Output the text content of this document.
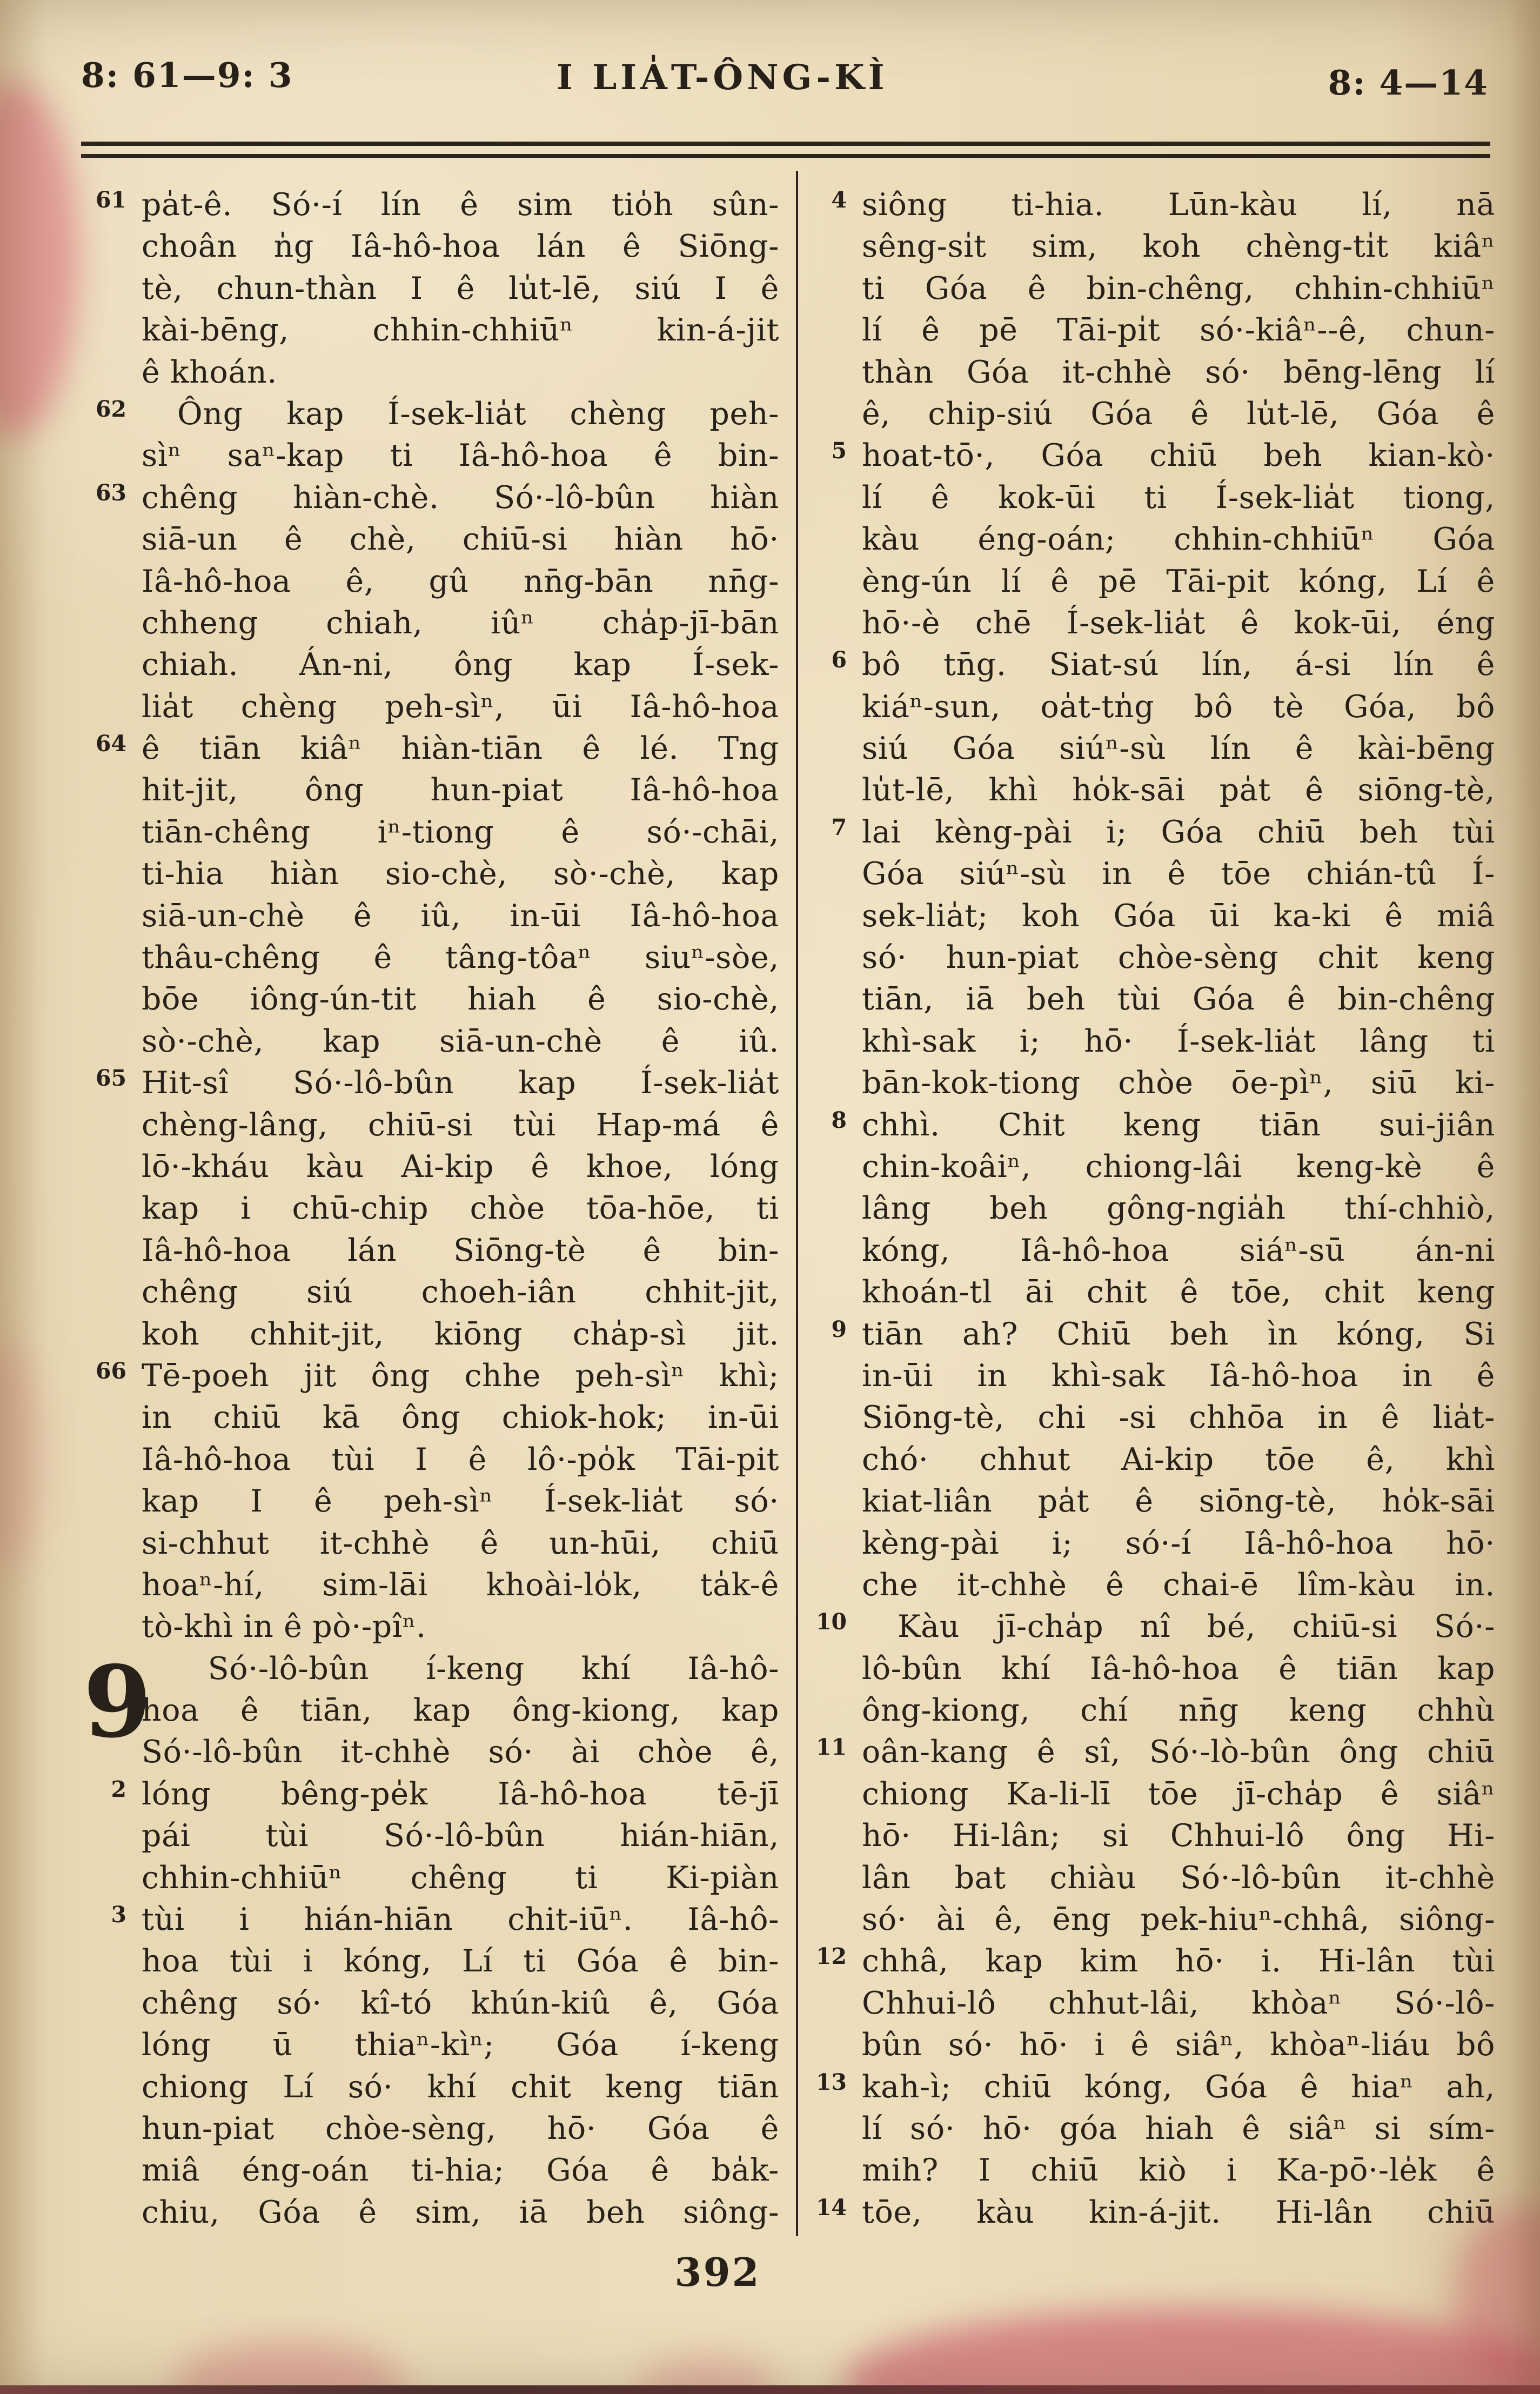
8: 61—9: 3	I LIA̍T-ÔNG-KÌ	8: 4—14
61 pa̍t-ê. Só·-í lín ê sim tio̍h sûn-
choân n̍g Iâ-hô-hoa lán ê Siōng-
tè, chun-thàn I ê lu̍t-lē, siú I ê
kài-bēng, chhin-chhiūⁿ kin-á-jit
ê khoán.
62	Ông kap Í-sek-lia̍t chèng peh-
sìⁿ saⁿ-kap ti Iâ-hô-hoa ê bin-
63 chêng hiàn-chè. Só·-lô-bûn hiàn
siā-un ê chè, chiū-si hiàn hō·
Iâ-hô-hoa ê, gû nn̄g-bān nn̄g-
chheng chiah, iûⁿ cha̍p-jī-bān
chiah. Án-ni, ông kap Í-sek-
lia̍t chèng peh-sìⁿ, ūi Iâ-hô-hoa
64 ê tiān kiâⁿ hiàn-tiān ê lé. Tng
hit-jit, ông hun-piat Iâ-hô-hoa
tiān-chêng iⁿ-tiong ê só·-chāi,
ti-hia hiàn sio-chè, sò·-chè, kap
siā-un-chè ê iû, in-ūi Iâ-hô-hoa
thâu-chêng ê tâng-tôaⁿ siuⁿ-sòe,
bōe iông-ún-tit hiah ê sio-chè,
sò·-chè, kap siā-un-chè ê iû.
65 Hit-sî Só·-lô-bûn kap Í-sek-lia̍t
chèng-lâng, chiū-si tùi Hap-má ê
lō·-kháu kàu Ai-kip ê khoe, lóng
kap i chū-chip chòe tōa-hōe, ti
Iâ-hô-hoa lán Siōng-tè ê bin-
chêng siú choeh-iân chhit-jit,
koh chhit-jit, kiōng cha̍p-sì jit.
66 Tē-poeh jit ông chhe peh-sìⁿ khì;
in chiū kā ông chiok-hok; in-ūi
Iâ-hô-hoa tùi I ê lô·-po̍k Tāi-pit
kap I ê peh-sìⁿ Í-sek-lia̍t só·
si-chhut it-chhè ê un-hūi, chiū
hoaⁿ-hí, sim-lāi khoài-lo̍k, ta̍k-ê
tò-khì in ê pò·-pîⁿ.
9	Só·-lô-bûn í-keng khí Iâ-hô-
hoa ê tiān, kap ông-kiong, kap
Só·-lô-bûn it-chhè só· ài chòe ê,
2 lóng bêng-pe̍k Iâ-hô-hoa tē-jī
pái tùi Só·-lô-bûn hián-hiān,
chhin-chhiūⁿ chêng ti Ki-piàn
3 tùi i hián-hiān chit-iūⁿ. Iâ-hô-
hoa tùi i kóng, Lí ti Góa ê bin-
chêng só· kî-tó khún-kiû ê, Góa
lóng ū thiaⁿ-kìⁿ; Góa í-keng
chiong Lí só· khí chit keng tiān
hun-piat chòe-sèng, hō· Góa ê
miâ éng-oán ti-hia; Góa ê ba̍k-
chiu, Góa ê sim, iā beh siông-
4 siông ti-hia. Lūn-kàu lí, nā
sêng-si̍t sim, koh chèng-ti̍t kiâⁿ
ti Góa ê bin-chêng, chhin-chhiūⁿ
lí ê pē Tāi-pi̍t só·-kiâⁿ--ê, chun-
thàn Góa it-chhè só· bēng-lēng lí
ê, chip-siú Góa ê lu̍t-lē, Góa ê
5 hoat-tō·, Góa chiū beh kian-kò·
lí ê kok-ūi ti Í-sek-lia̍t tiong,
kàu éng-oán; chhin-chhiūⁿ Góa
èng-ún lí ê pē Tāi-pit kóng, Lí ê
hō·-è chē Í-sek-lia̍t ê kok-ūi, éng
6 bô tn̄g. Siat-sú lín, á-si lín ê
kiáⁿ-sun, oa̍t-tn̍g bô tè Góa, bô
siú Góa siúⁿ-sù lín ê kài-bēng
lu̍t-lē, khì ho̍k-sāi pa̍t ê siōng-tè,
7 lai kèng-pài i; Góa chiū beh tùi
Góa siúⁿ-sù in ê tōe chián-tû Í-
sek-lia̍t; koh Góa ūi ka-ki ê miâ
só· hun-piat chòe-sèng chit keng
tiān, iā beh tùi Góa ê bin-chêng
khì-sak i; hō· Í-sek-lia̍t lâng ti
bān-kok-tiong chòe ōe-pìⁿ, siū ki-
8 chhì. Chit keng tiān sui-jiân
chin-koâiⁿ, chiong-lâi keng-kè ê
lâng beh gông-ngia̍h thí-chhiò,
kóng, Iâ-hô-hoa siáⁿ-sū án-ni
khoán-tl āi chit ê tōe, chit keng
9 tiān ah? Chiū beh ìn kóng, Si
in-ūi in khì-sak Iâ-hô-hoa in ê
Siōng-tè, chi -si chhōa in ê lia̍t-
chó· chhut Ai-kip tōe ê, khì
kiat-liân pa̍t ê siōng-tè, ho̍k-sāi
kèng-pài i; só·-í Iâ-hô-hoa hō·
che it-chhè ê chai-ē lîm-kàu in.
10	Kàu jī-cha̍p nî bé, chiū-si Só·-
lô-bûn khí Iâ-hô-hoa ê tiān kap
ông-kiong, chí nn̄g keng chhù
11 oân-kang ê sî, Só·-lò-bûn ông chiū
chiong Ka-li-lī tōe jī-cha̍p ê siâⁿ
hō· Hi-lân; si Chhui-lô ông Hi-
lân bat chiàu Só·-lô-bûn it-chhè
só· ài ê, ēng pek-hiuⁿ-chhâ, siông-
12 chhâ, kap kim hō· i. Hi-lân tùi
Chhui-lô chhut-lâi, khòaⁿ Só·-lô-
bûn só· hō· i ê siâⁿ, khòaⁿ-liáu bô
13 kah-ì; chiū kóng, Góa ê hiaⁿ ah,
lí só· hō· góa hiah ê siâⁿ si sím-
mih? I chiū kiò i Ka-pō·-le̍k ê
14 tōe, kàu kin-á-jit. Hi-lân chiū
392
